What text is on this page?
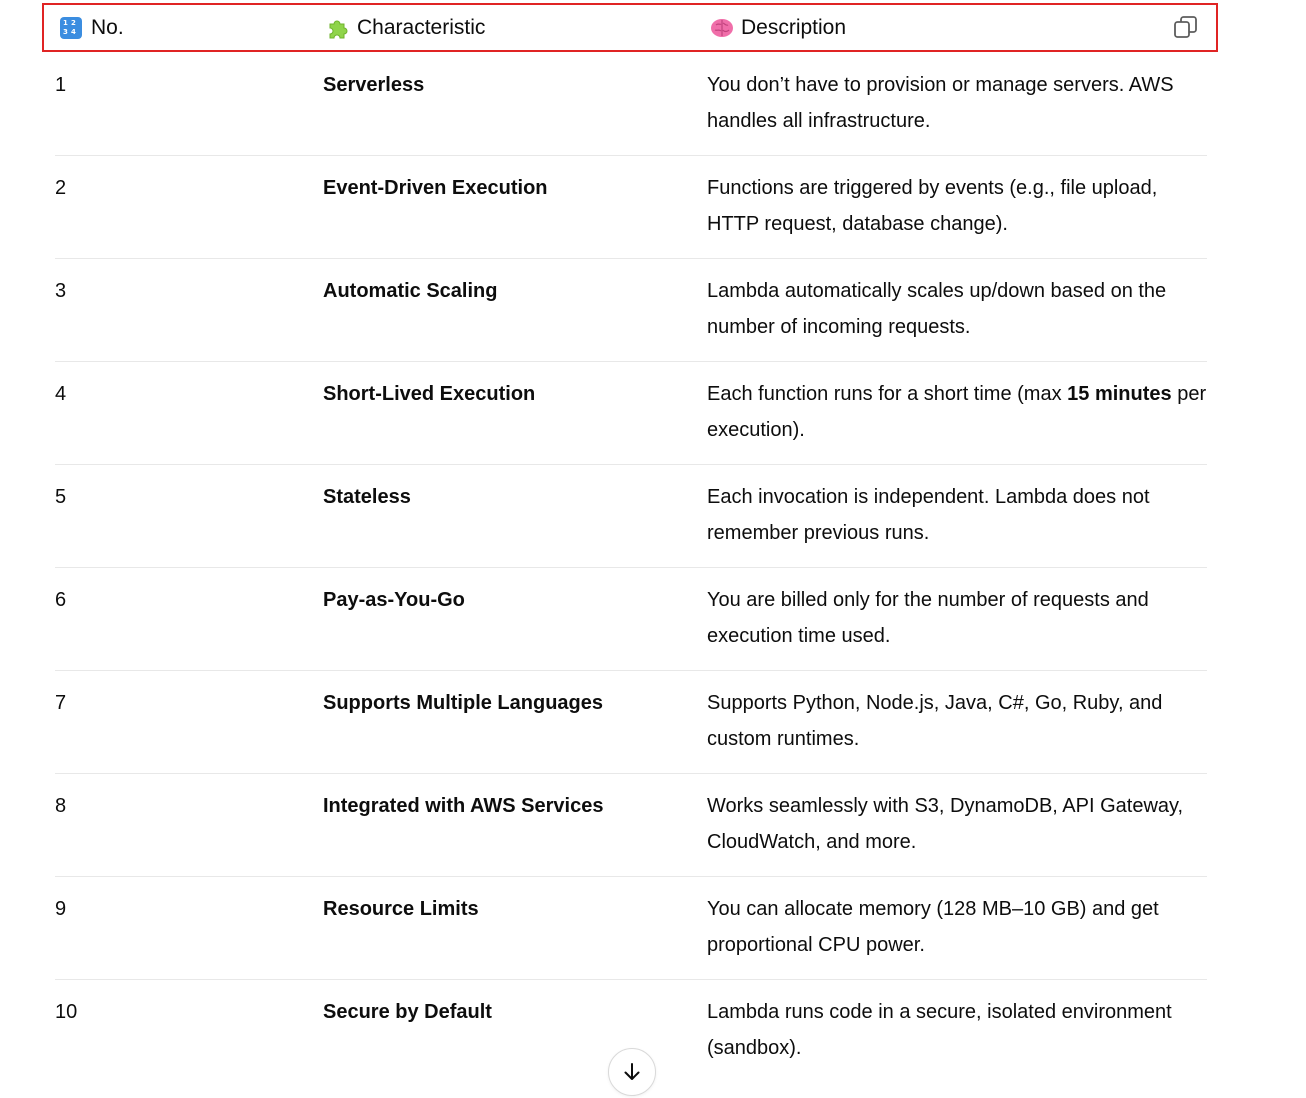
1 2
3 4 No.	Characteristic	Description
1	Serverless	You don’t have to provision or manage servers. AWS handles all infrastructure.
2	Event-Driven Execution	Functions are triggered by events (e.g., file upload, HTTP request, database change).
3	Automatic Scaling	Lambda automatically scales up/down based on the number of incoming requests.
4	Short-Lived Execution	Each function runs for a short time (max 15 minutes per execution).
5	Stateless	Each invocation is independent. Lambda does not remember previous runs.
6	Pay-as-You-Go	You are billed only for the number of requests and execution time used.
7	Supports Multiple Languages	Supports Python, Node.js, Java, C#, Go, Ruby, and custom runtimes.
8	Integrated with AWS Services	Works seamlessly with S3, DynamoDB, API Gateway, CloudWatch, and more.
9	Resource Limits	You can allocate memory (128 MB–10 GB) and get proportional CPU power.
10	Secure by Default	Lambda runs code in a secure, isolated environment (sandbox).
